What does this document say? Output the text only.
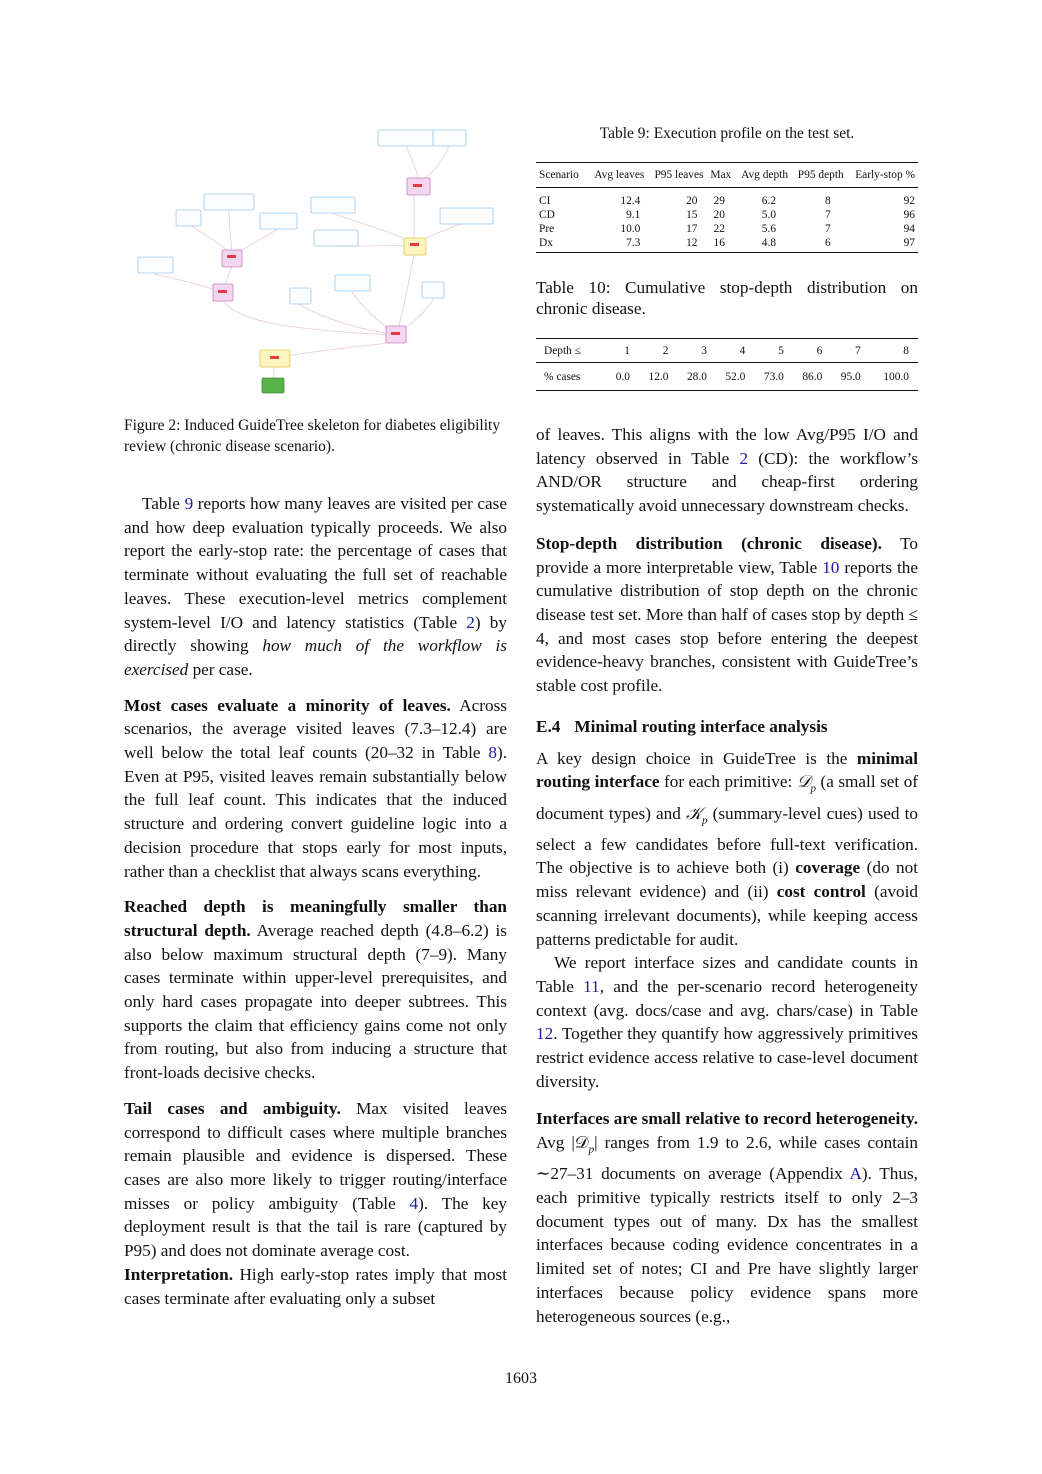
Figure 2: Induced GuideTree skeleton for diabetes eligibility review (chronic disease scenario).

Table 9: Execution profile on the test set.

Scenario	Avg leaves	P95 leaves	Max	Avg depth	P95 depth	Early-stop %
CI	12.4	20	29	6.2	8	92
CD	9.1	15	20	5.0	7	96
Pre	10.0	17	22	5.6	7	94
Dx	7.3	12	16	4.8	6	97

Table 10: Cumulative stop-depth distribution on chronic disease.

Depth ≤	1	2	3	4	5	6	7	8
% cases	0.0	12.0	28.0	52.0	73.0	86.0	95.0	100.0

Table 9 reports how many leaves are visited per case and how deep evaluation typically proceeds. We also report the early-stop rate: the percentage of cases that terminate without evaluating the full set of reachable leaves. These execution-level metrics complement system-level I/O and latency statistics (Table 2) by directly showing how much of the workflow is exercised per case.

Most cases evaluate a minority of leaves. Across scenarios, the average visited leaves (7.3–12.4) are well below the total leaf counts (20–32 in Table 8). Even at P95, visited leaves remain substantially below the full leaf count. This indicates that the induced structure and ordering convert guideline logic into a decision procedure that stops early for most inputs, rather than a checklist that always scans everything.

Reached depth is meaningfully smaller than structural depth. Average reached depth (4.8–6.2) is also below maximum structural depth (7–9). Many cases terminate within upper-level prerequisites, and only hard cases propagate into deeper subtrees. This supports the claim that efficiency gains come not only from routing, but also from inducing a structure that front-loads decisive checks.

Tail cases and ambiguity. Max visited leaves correspond to difficult cases where multiple branches remain plausible and evidence is dispersed. These cases are also more likely to trigger routing/interface misses or policy ambiguity (Table 4). The key deployment result is that the tail is rare (captured by P95) and does not dominate average cost.

Interpretation. High early-stop rates imply that most cases terminate after evaluating only a subset

of leaves. This aligns with the low Avg/P95 I/O and latency observed in Table 2 (CD): the workflow’s AND/OR structure and cheap-first ordering systematically avoid unnecessary downstream checks.

Stop-depth distribution (chronic disease). To provide a more interpretable view, Table 10 reports the cumulative distribution of stop depth on the chronic disease test set. More than half of cases stop by depth ≤ 4, and most cases stop before entering the deepest evidence-heavy branches, consistent with GuideTree’s stable cost profile.

E.4 Minimal routing interface analysis

A key design choice in GuideTree is the minimal routing interface for each primitive: 𝒟$_p$ (a small set of document types) and 𝒦$_p$ (summary-level cues) used to select a few candidates before full-text verification. The objective is to achieve both (i) coverage (do not miss relevant evidence) and (ii) cost control (avoid scanning irrelevant documents), while keeping access patterns predictable for audit.

We report interface sizes and candidate counts in Table 11, and the per-scenario record heterogeneity context (avg. docs/case and avg. chars/case) in Table 12. Together they quantify how aggressively primitives restrict evidence access relative to case-level document diversity.

Interfaces are small relative to record heterogeneity. Avg |𝒟$_p$| ranges from 1.9 to 2.6, while cases contain ∼27–31 documents on average (Appendix A). Thus, each primitive typically restricts itself to only 2–3 document types out of many. Dx has the smallest interfaces because coding evidence concentrates in a limited set of notes; CI and Pre have slightly larger interfaces because policy evidence spans more heterogeneous sources (e.g.,

1603
